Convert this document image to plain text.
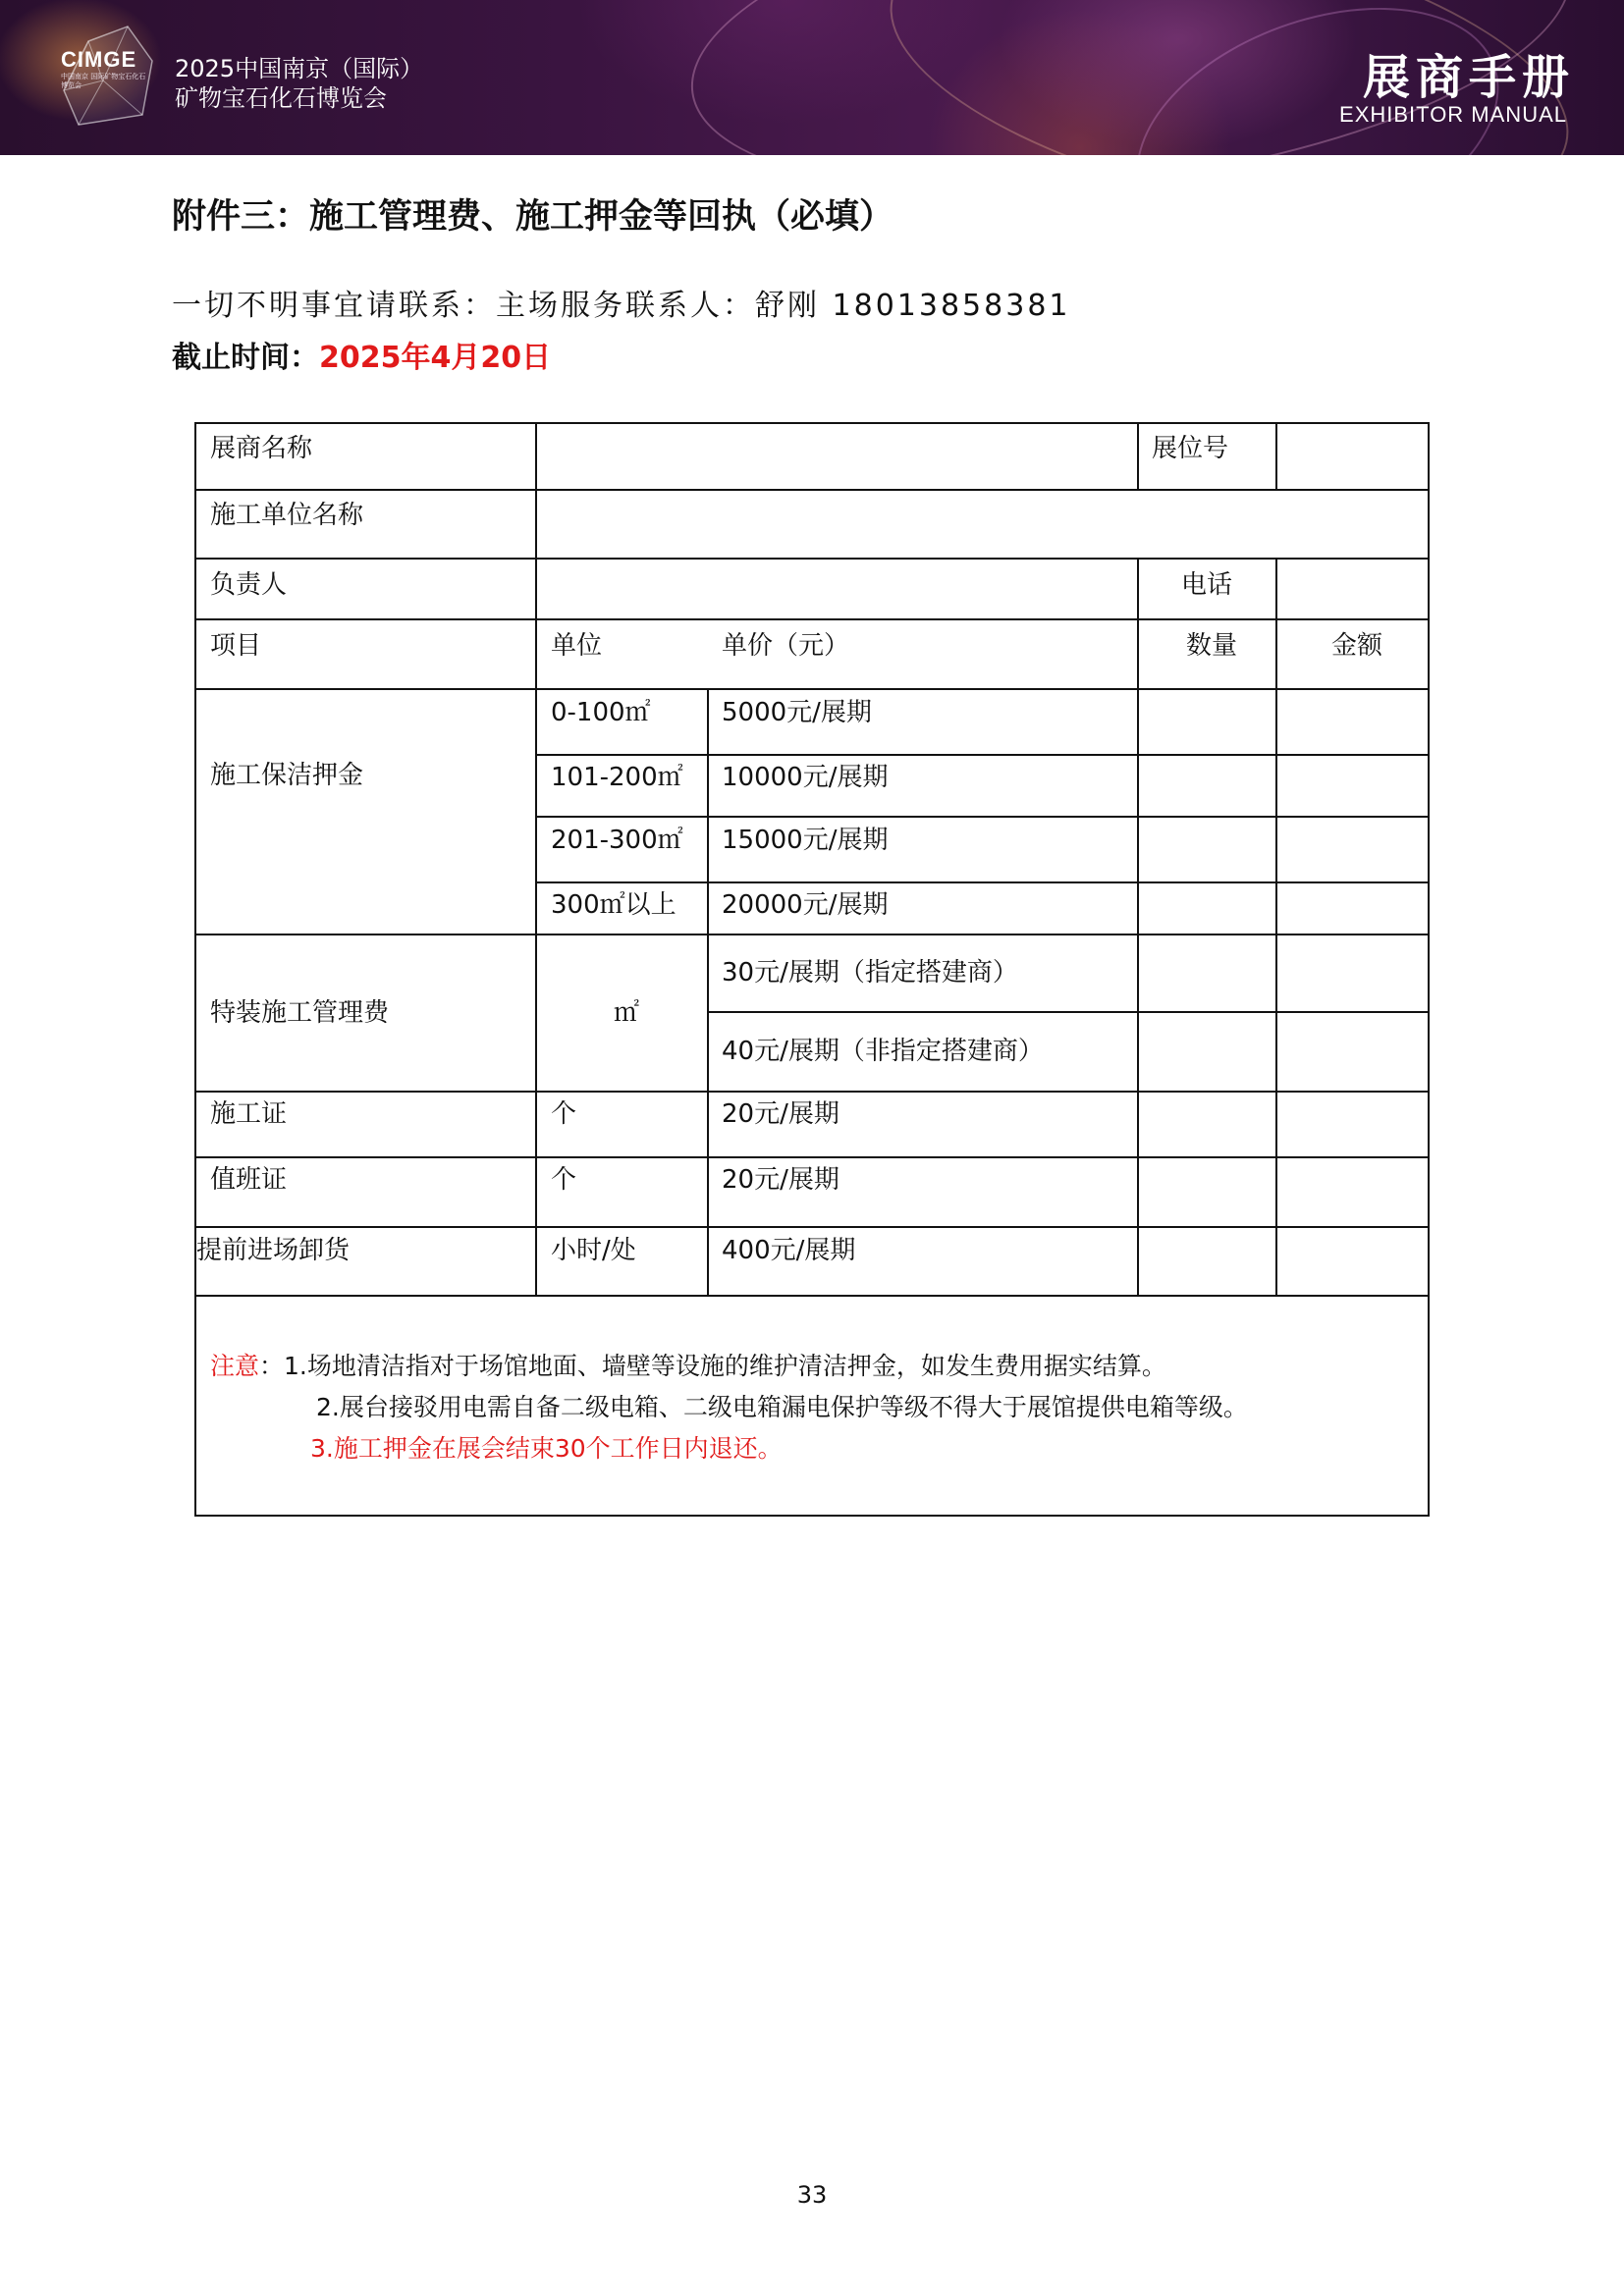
CIMGE
中国南京 国际矿物宝石化石博览会
2025中国南京（国际）
矿物宝石化石博览会	展商手册
EXHIBITOR MANUAL
附件三：施工管理费、施工押金等回执（必填）
一切不明事宜请联系：主场服务联系人：舒刚 18013858381
截止时间：2025年4月20日
展商名称	展位号
施工单位名称
负责人	电话
项目	单位	单价（元）	数量	金额
施工保洁押金
0-100㎡	5000元/展期
101-200㎡ 10000元/展期
201-300㎡ 15000元/展期
300㎡以上 20000元/展期
特装施工管理费	㎡
30元/展期（指定搭建商）
40元/展期（非指定搭建商）
施工证	个	20元/展期
值班证	个	20元/展期
提前进场卸货	小时/处	400元/展期
注意：1.场地清洁指对于场馆地面、墙壁等设施的维护清洁押金，如发生费用据实结算。
2.展台接驳用电需自备二级电箱、二级电箱漏电保护等级不得大于展馆提供电箱等级。
3.施工押金在展会结束30个工作日内退还。
33
